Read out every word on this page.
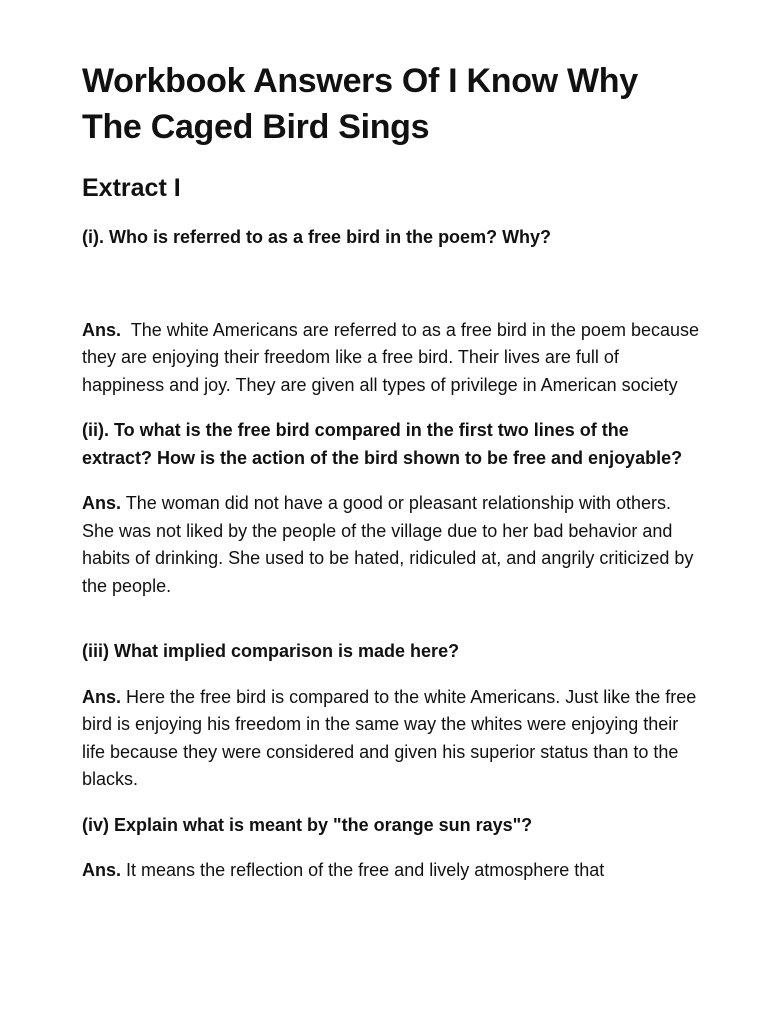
Workbook Answers Of I Know Why The Caged Bird Sings
Extract I

(i). Who is referred to as a free bird in the poem? Why?

Ans. The white Americans are referred to as a free bird in the poem because they are enjoying their freedom like a free bird. Their lives are full of happiness and joy. They are given all types of privilege in American society

(ii). To what is the free bird compared in the first two lines of the extract? How is the action of the bird shown to be free and enjoyable?

Ans. The woman did not have a good or pleasant relationship with others. She was not liked by the people of the village due to her bad behavior and habits of drinking. She used to be hated, ridiculed at, and angrily criticized by the people.

(iii) What implied comparison is made here?

Ans. Here the free bird is compared to the white Americans. Just like the free bird is enjoying his freedom in the same way the whites were enjoying their life because they were considered and given his superior status than to the blacks.

(iv) Explain what is meant by "the orange sun rays"?

Ans. It means the reflection of the free and lively atmosphere that
